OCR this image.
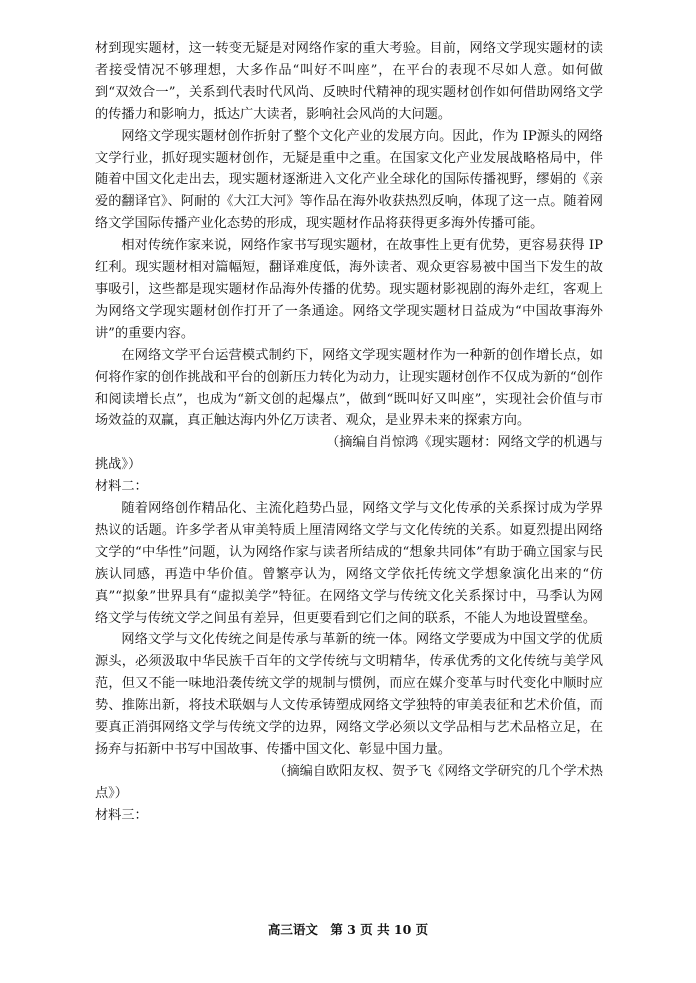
材到现实题材，这一转变无疑是对网络作家的重大考验。目前，网络文学现实题材的读者接受情况不够理想，大多作品“叫好不叫座”，在平台的表现不尽如人意。如何做到“双效合一”，关系到代表时代风尚、反映时代精神的现实题材创作如何借助网络文学的传播力和影响力，抵达广大读者，影响社会风尚的大问题。

网络文学现实题材创作折射了整个文化产业的发展方向。因此，作为 IP源头的网络文学行业，抓好现实题材创作，无疑是重中之重。在国家文化产业发展战略格局中，伴随着中国文化走出去，现实题材逐渐进入文化产业全球化的国际传播视野，缪娟的《亲爱的翻译官》、阿耐的《大江大河》等作品在海外收获热烈反响，体现了这一点。随着网络文学国际传播产业化态势的形成，现实题材作品将获得更多海外传播可能。

相对传统作家来说，网络作家书写现实题材，在故事性上更有优势，更容易获得 IP 红利。现实题材相对篇幅短，翻译难度低，海外读者、观众更容易被中国当下发生的故事吸引，这些都是现实题材作品海外传播的优势。现实题材影视剧的海外走红，客观上为网络文学现实题材创作打开了一条通途。网络文学现实题材日益成为“中国故事海外讲”的重要内容。

在网络文学平台运营模式制约下，网络文学现实题材作为一种新的创作增长点，如何将作家的创作挑战和平台的创新压力转化为动力，让现实题材创作不仅成为新的“创作和阅读增长点”，也成为“新文创的起爆点”，做到“既叫好又叫座”，实现社会价值与市场效益的双赢，真正触达海内外亿万读者、观众，是业界未来的探索方向。

（摘编自肖惊鸿《现实题材：网络文学的机遇与

挑战》）

材料二：

随着网络创作精品化、主流化趋势凸显，网络文学与文化传承的关系探讨成为学界热议的话题。许多学者从审美特质上厘清网络文学与文化传统的关系。如夏烈提出网络文学的“中华性”问题，认为网络作家与读者所结成的“想象共同体”有助于确立国家与民族认同感，再造中华价值。曾繁亭认为，网络文学依托传统文学想象演化出来的“仿真”“拟象”世界具有“虚拟美学”特征。在网络文学与传统文化关系探讨中，马季认为网络文学与传统文学之间虽有差异，但更要看到它们之间的联系，不能人为地设置壁垒。

网络文学与文化传统之间是传承与革新的统一体。网络文学要成为中国文学的优质源头，必须汲取中华民族千百年的文学传统与文明精华，传承优秀的文化传统与美学风范，但又不能一味地沿袭传统文学的规制与惯例，而应在媒介变革与时代变化中顺时应势、推陈出新，将技术联姻与人文传承铸塑成网络文学独特的审美表征和艺术价值，而要真正消弭网络文学与传统文学的边界，网络文学必须以文学品相与艺术品格立足，在扬弃与拓新中书写中国故事、传播中国文化、彰显中国力量。

（摘编自欧阳友权、贺予飞《网络文学研究的几个学术热

点》）

材料三：

高三语文　第 3 页 共 10 页
